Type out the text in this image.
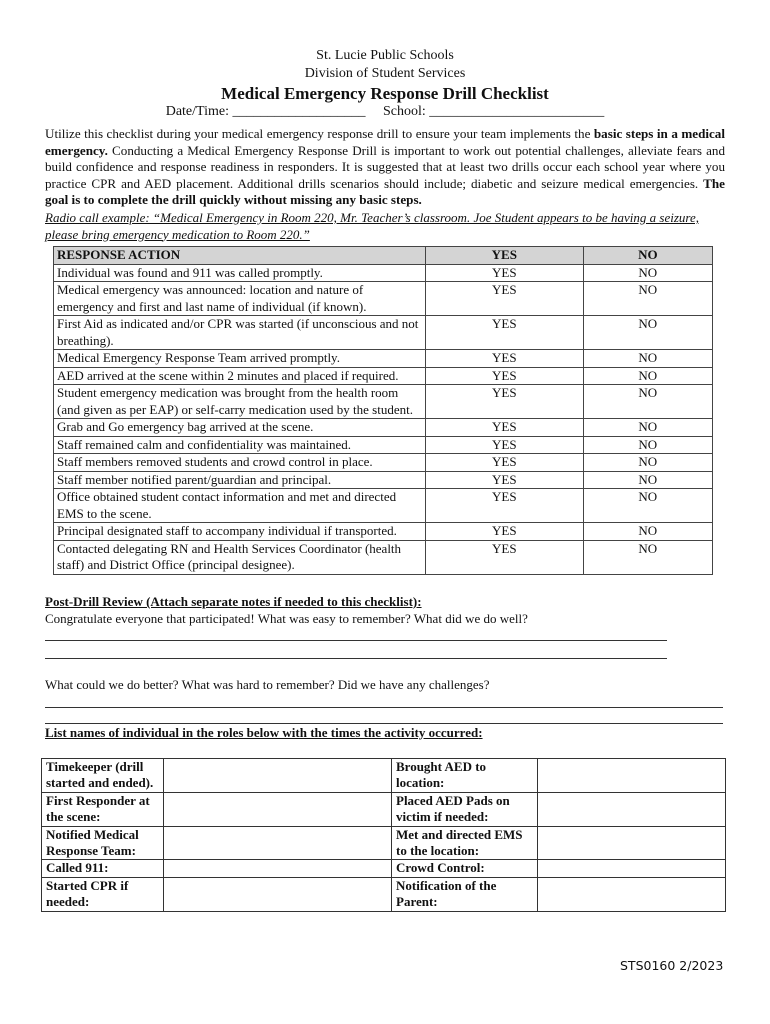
St. Lucie Public Schools
Division of Student Services
Medical Emergency Response Drill Checklist
Date/Time: ___________________ School: _________________________
Utilize this checklist during your medical emergency response drill to ensure your team implements the basic steps in a medical emergency. Conducting a Medical Emergency Response Drill is important to work out potential challenges, alleviate fears and build confidence and response readiness in responders. It is suggested that at least two drills occur each school year where you practice CPR and AED placement. Additional drills scenarios should include; diabetic and seizure medical emergencies. The goal is to complete the drill quickly without missing any basic steps.
Radio call example: “Medical Emergency in Room 220, Mr. Teacher’s classroom. Joe Student appears to be having a seizure, please bring emergency medication to Room 220.”
RESPONSE ACTION	YES	NO
Individual was found and 911 was called promptly.	YES	NO
Medical emergency was announced: location and nature of emergency and first and last name of individual (if known).	YES	NO
First Aid as indicated and/or CPR was started (if unconscious and not breathing).	YES	NO
Medical Emergency Response Team arrived promptly.	YES	NO
AED arrived at the scene within 2 minutes and placed if required.	YES	NO
Student emergency medication was brought from the health room (and given as per EAP) or self-carry medication used by the student.	YES	NO
Grab and Go emergency bag arrived at the scene.	YES	NO
Staff remained calm and confidentiality was maintained.	YES	NO
Staff members removed students and crowd control in place.	YES	NO
Staff member notified parent/guardian and principal.	YES	NO
Office obtained student contact information and met and directed EMS to the scene.	YES	NO
Principal designated staff to accompany individual if transported.	YES	NO
Contacted delegating RN and Health Services Coordinator (health staff) and District Office (principal designee).	YES	NO
Post-Drill Review (Attach separate notes if needed to this checklist):
Congratulate everyone that participated! What was easy to remember? What did we do well?
What could we do better? What was hard to remember? Did we have any challenges?
List names of individual in the roles below with the times the activity occurred:
Timekeeper (drill started and ended).		Brought AED to location:	
First Responder at the scene:		Placed AED Pads on victim if needed:	
Notified Medical Response Team:		Met and directed EMS to the location:	
Called 911:		Crowd Control:	
Started CPR if needed:		Notification of the Parent:	
STS0160 2/2023
